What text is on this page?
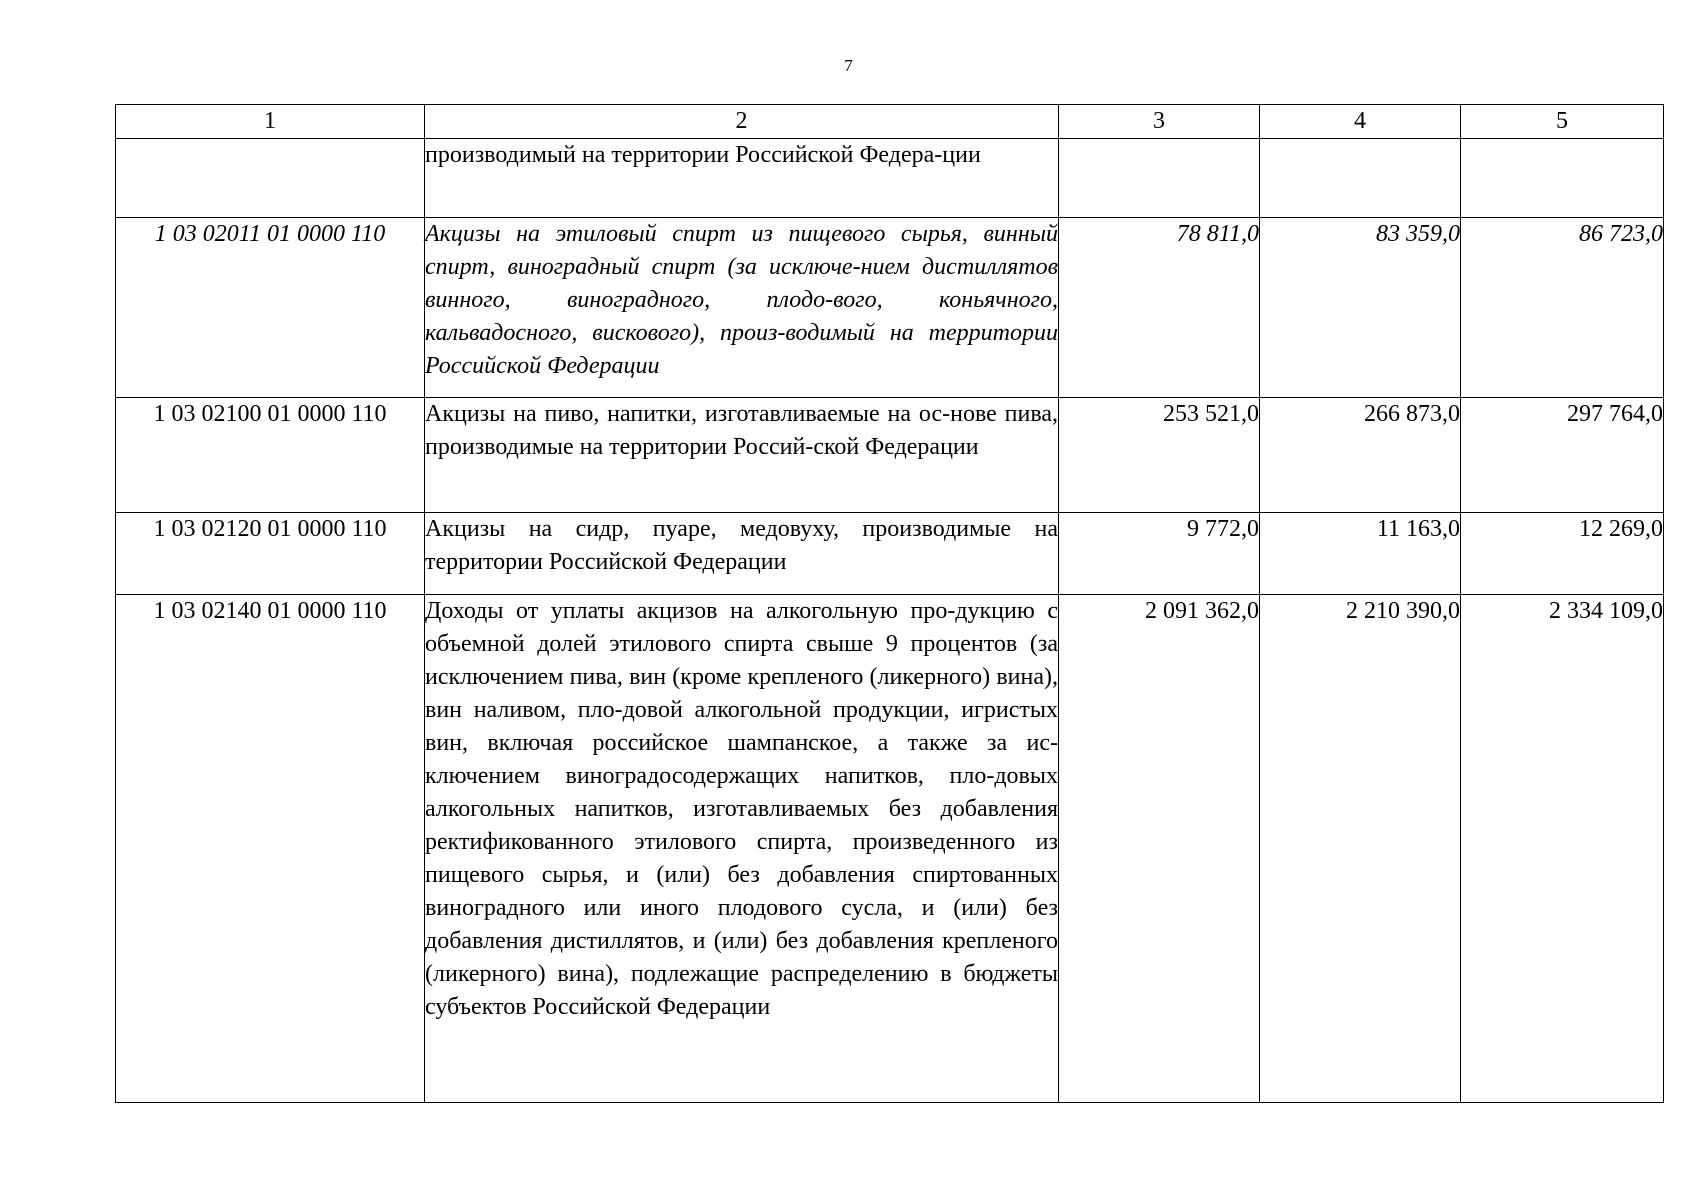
7
1	2	3	4	5
	производимый на территории Российской Федера-ции			
1 03 02011 01 0000 110	Акцизы на этиловый спирт из пищевого сырья, винный спирт, виноградный спирт (за исключе-нием дистиллятов винного, виноградного, плодо-вого, коньячного, кальвадосного, вискового), произ-водимый на территории Российской Федерации	78 811,0	83 359,0	86 723,0
1 03 02100 01 0000 110	Акцизы на пиво, напитки, изготавливаемые на ос-нове пива, производимые на территории Россий-ской Федерации	253 521,0	266 873,0	297 764,0
1 03 02120 01 0000 110	Акцизы на сидр, пуаре, медовуху, производимые на территории Российской Федерации	9 772,0	11 163,0	12 269,0
1 03 02140 01 0000 110	Доходы от уплаты акцизов на алкогольную про-дукцию с объемной долей этилового спирта свыше 9 процентов (за исключением пива, вин (кроме крепленого (ликерного) вина), вин наливом, пло-довой алкогольной продукции, игристых вин, включая российское шампанское, а также за ис-ключением виноградосодержащих напитков, пло-довых алкогольных напитков, изготавливаемых без добавления ректификованного этилового спирта, произведенного из пищевого сырья, и (или) без добавления спиртованных виноградного или иного плодового сусла, и (или) без добавления дистиллятов, и (или) без добавления крепленого (ликерного) вина), подлежащие распределению в бюджеты субъектов Российской Федерации	2 091 362,0	2 210 390,0	2 334 109,0
